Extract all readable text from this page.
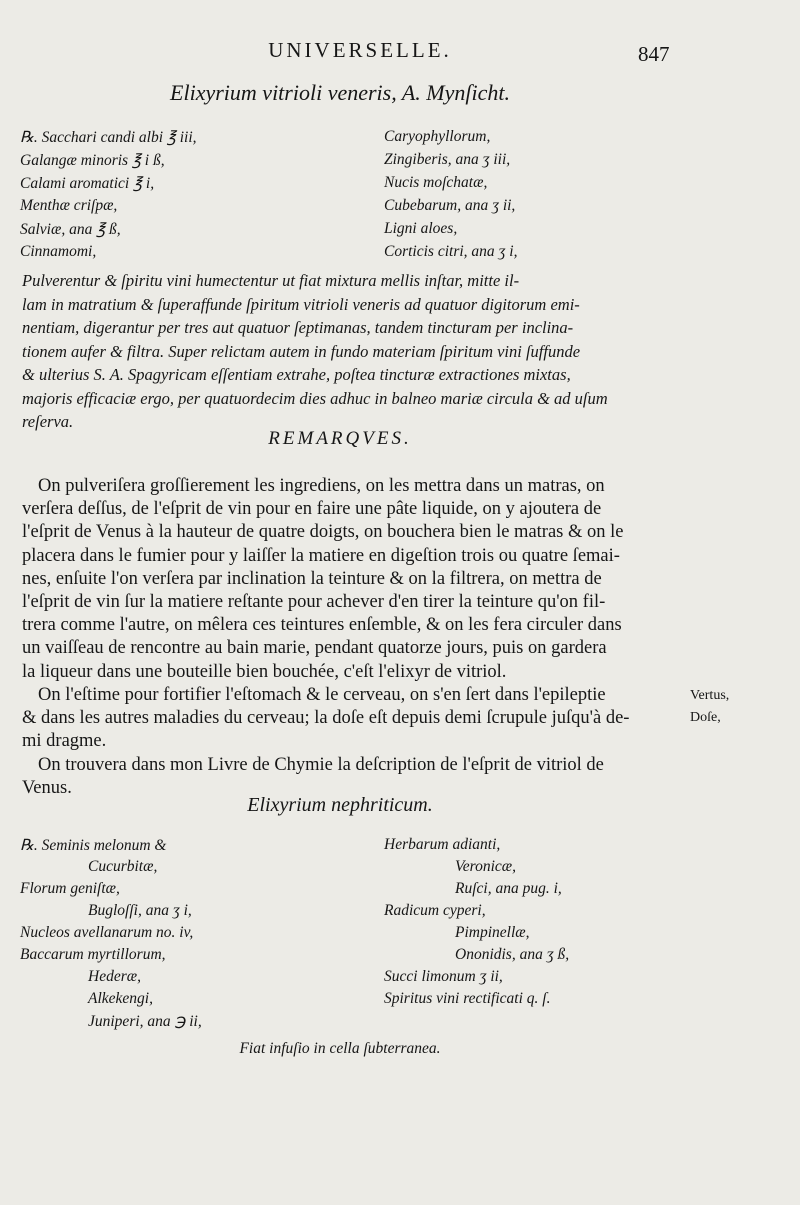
UNIVERSELLE.	847
Elixyrium vitrioli veneris, A. Mynſicht.
℞. Sacchari candi albi ℥ iii,
Galangæ minoris ℥ i ß,
Calami aromatici ℥ i,
Menthæ criſpæ,
Salviæ, ana ℥ ß,
Cinnamomi,
Caryophyllorum,
Zingiberis, ana ʒ iii,
Nucis moſchatæ,
Cubebarum, ana ʒ ii,
Ligni aloes,
Corticis citri, ana ʒ i,
Pulverentur & ſpiritu vini humectentur ut fiat mixtura mellis inſtar, mitte il-
lam in matratium & ſuperaffunde ſpiritum vitrioli veneris ad quatuor digitorum emi-
nentiam, digerantur per tres aut quatuor ſeptimanas, tandem tincturam per inclina-
tionem aufer & filtra. Super relictam autem in fundo materiam ſpiritum vini ſuffunde
& ulterius S. A. Spagyricam eſſentiam extrahe, poſtea tincturæ extractiones mixtas,
majoris efficaciæ ergo, per quatuordecim dies adhuc in balneo mariæ circula & ad uſum
reſerva.
REMARQVES.
On pulveriſera groſſierement les ingrediens, on les mettra dans un matras, on
verſera deſſus, de l'eſprit de vin pour en faire une pâte liquide, on y ajoutera de
l'eſprit de Venus à la hauteur de quatre doigts, on bouchera bien le matras & on le
placera dans le fumier pour y laiſſer la matiere en digeſtion trois ou quatre ſemai-
nes, enſuite l'on verſera par inclination la teinture & on la filtrera, on mettra de
l'eſprit de vin ſur la matiere reſtante pour achever d'en tirer la teinture qu'on fil-
trera comme l'autre, on mêlera ces teintures enſemble, & on les fera circuler dans
un vaiſſeau de rencontre au bain marie, pendant quatorze jours, puis on gardera
la liqueur dans une bouteille bien bouchée, c'eſt l'elixyr de vitriol.
On l'eſtime pour fortifier l'eſtomach & le cerveau, on s'en ſert dans l'epileptie
& dans les autres maladies du cerveau; la doſe eſt depuis demi ſcrupule juſqu'à de-
mi dragme.
On trouvera dans mon Livre de Chymie la deſcription de l'eſprit de vitriol de
Venus.
Vertus,
Doſe,
Elixyrium nephriticum.
℞. Seminis melonum &
Cucurbitæ,
Florum geniſtæ,
Bugloſſi, ana ʒ i,
Nucleos avellanarum no. iv,
Baccarum myrtillorum,
Hederæ,
Alkekengi,
Juniperi, ana ℈ ii,
Herbarum adianti,
Veronicæ,
Ruſci, ana pug. i,
Radicum cyperi,
Pimpinellæ,
Ononidis, ana ʒ ß,
Succi limonum ʒ ii,
Spiritus vini rectificati q. ſ.
Fiat infuſio in cella ſubterranea.
